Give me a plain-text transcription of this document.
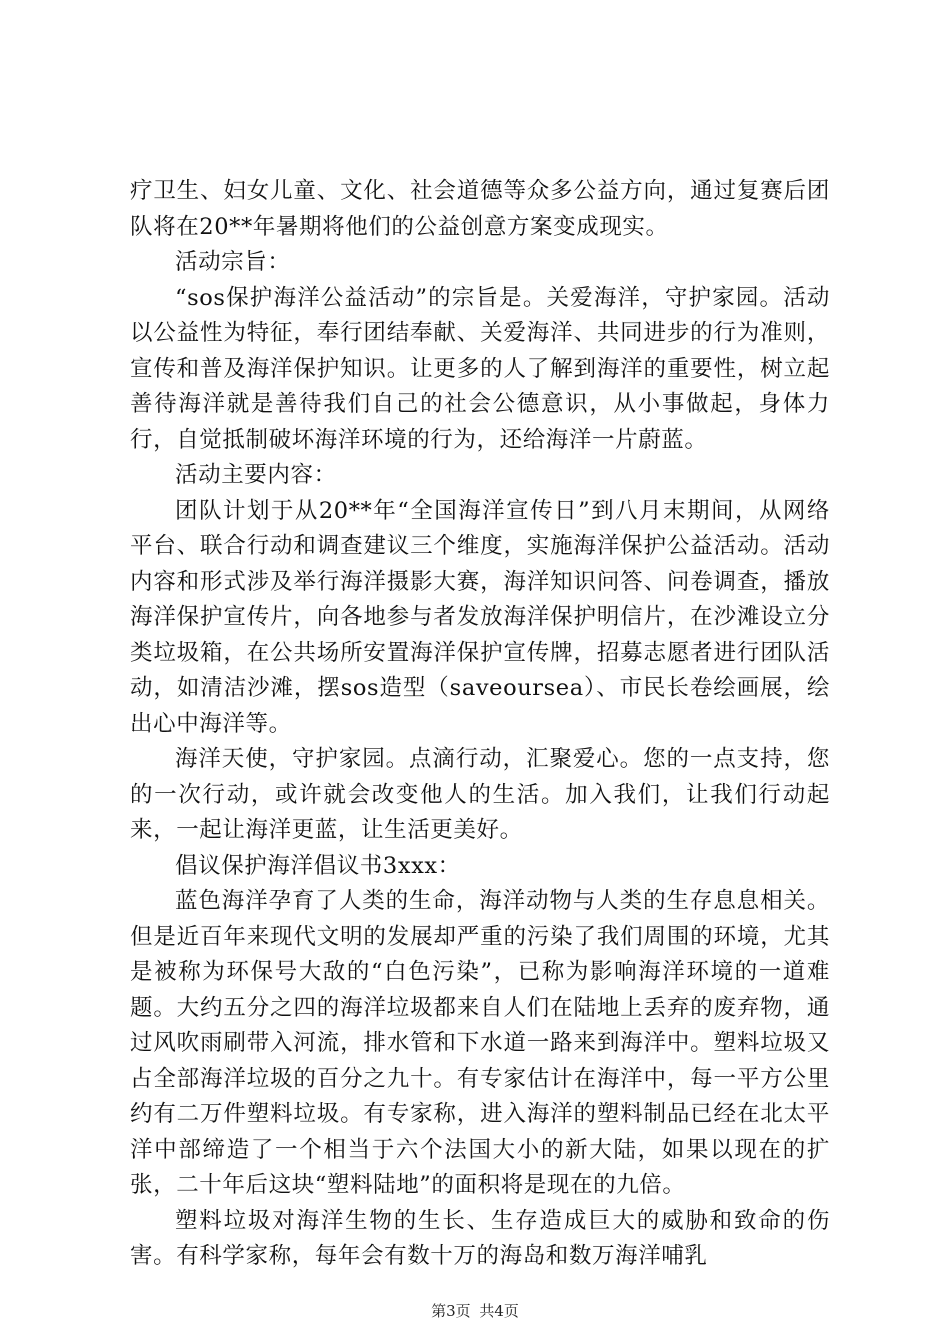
疗卫生、妇女儿童、文化、社会道德等众多公益方向，通过复赛后团队将在20**年暑期将他们的公益创意方案变成现实。

活动宗旨：

“sos保护海洋公益活动”的宗旨是。关爱海洋，守护家园。活动以公益性为特征，奉行团结奉献、关爱海洋、共同进步的行为准则，宣传和普及海洋保护知识。让更多的人了解到海洋的重要性，树立起善待海洋就是善待我们自己的社会公德意识，从小事做起，身体力行，自觉抵制破坏海洋环境的行为，还给海洋一片蔚蓝。

活动主要内容：

团队计划于从20**年“全国海洋宣传日”到八月末期间，从网络平台、联合行动和调查建议三个维度，实施海洋保护公益活动。活动内容和形式涉及举行海洋摄影大赛，海洋知识问答、问卷调查，播放海洋保护宣传片，向各地参与者发放海洋保护明信片，在沙滩设立分类垃圾箱，在公共场所安置海洋保护宣传牌，招募志愿者进行团队活动，如清洁沙滩，摆sos造型（saveoursea）、市民长卷绘画展，绘出心中海洋等。

海洋天使，守护家园。点滴行动，汇聚爱心。您的一点支持，您的一次行动，或许就会改变他人的生活。加入我们，让我们行动起来，一起让海洋更蓝，让生活更美好。

倡议保护海洋倡议书3xxx：

蓝色海洋孕育了人类的生命，海洋动物与人类的生存息息相关。但是近百年来现代文明的发展却严重的污染了我们周围的环境，尤其是被称为环保号大敌的“白色污染”，已称为影响海洋环境的一道难题。大约五分之四的海洋垃圾都来自人们在陆地上丢弃的废弃物，通过风吹雨刷带入河流，排水管和下水道一路来到海洋中。塑料垃圾又占全部海洋垃圾的百分之九十。有专家估计在海洋中，每一平方公里约有二万件塑料垃圾。有专家称，进入海洋的塑料制品已经在北太平洋中部缔造了一个相当于六个法国大小的新大陆，如果以现在的扩张，二十年后这块“塑料陆地”的面积将是现在的九倍。

塑料垃圾对海洋生物的生长、生存造成巨大的威胁和致命的伤害。有科学家称，每年会有数十万的海岛和数万海洋哺乳

第3页 共4页
